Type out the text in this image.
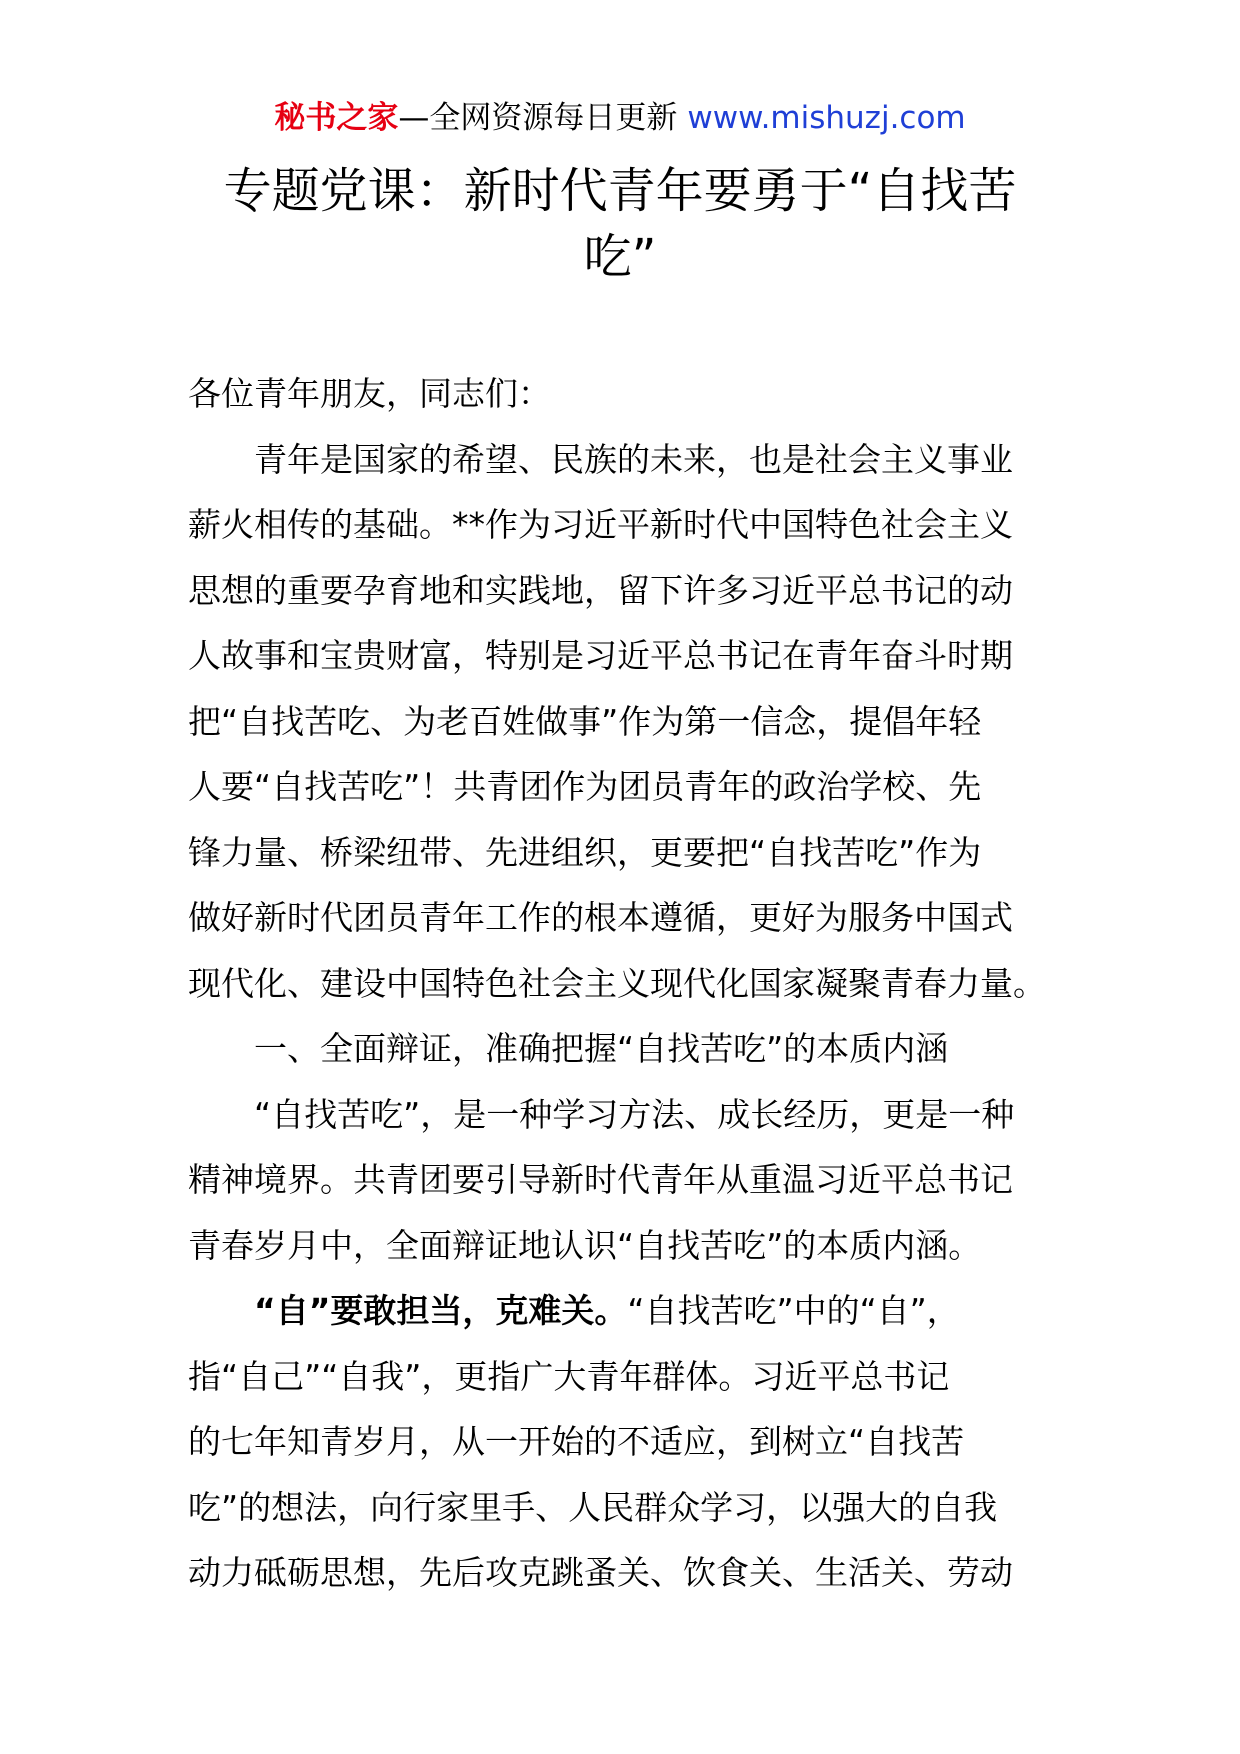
秘书之家—全网资源每日更新 www.mishuzj.com
专题党课：新时代青年要勇于“自找苦
吃”

各位青年朋友，同志们：

青年是国家的希望、民族的未来，也是社会主义事业
薪火相传的基础。**作为习近平新时代中国特色社会主义
思想的重要孕育地和实践地，留下许多习近平总书记的动
人故事和宝贵财富，特别是习近平总书记在青年奋斗时期
把“自找苦吃、为老百姓做事”作为第一信念，提倡年轻
人要“自找苦吃”！共青团作为团员青年的政治学校、先
锋力量、桥梁纽带、先进组织，更要把“自找苦吃”作为
做好新时代团员青年工作的根本遵循，更好为服务中国式
现代化、建设中国特色社会主义现代化国家凝聚青春力量。

一、全面辩证，准确把握“自找苦吃”的本质内涵

“自找苦吃”，是一种学习方法、成长经历，更是一种
精神境界。共青团要引导新时代青年从重温习近平总书记
青春岁月中，全面辩证地认识“自找苦吃”的本质内涵。

“自”要敢担当，克难关。“自找苦吃”中的“自”，
指“自己”“自我”，更指广大青年群体。习近平总书记
的七年知青岁月，从一开始的不适应，到树立“自找苦
吃”的想法，向行家里手、人民群众学习，以强大的自我
动力砥砺思想，先后攻克跳蚤关、饮食关、生活关、劳动
